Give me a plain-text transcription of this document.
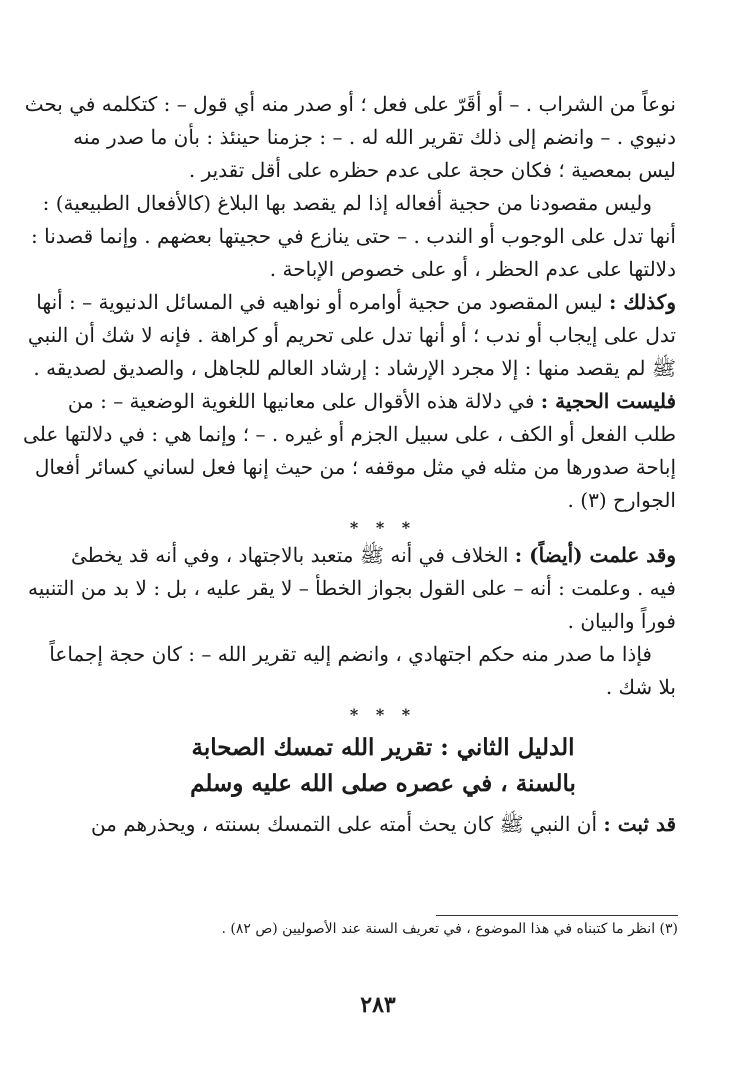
نوعاً من الشراب . – أو أقَرّ على فعل ؛ أو صدر منه أي قول – : كتكلمه في بحث
دنيوي . – وانضم إلى ذلك تقرير الله له . – : جزمنا حينئذ : بأن ما صدر منه
ليس بمعصية ؛ فكان حجة على عدم حظره على أقل تقدير .
وليس مقصودنا من حجية أفعاله إذا لم يقصد بها البلاغ (كالأفعال الطبيعية) :
أنها تدل على الوجوب أو الندب . – حتى ينازع في حجيتها بعضهم . وإنما قصدنا :
دلالتها على عدم الحظر ، أو على خصوص الإباحة .
وكذلك : ليس المقصود من حجية أوامره أو نواهيه في المسائل الدنيوية – : أنها
تدل على إيجاب أو ندب ؛ أو أنها تدل على تحريم أو كراهة . فإنه لا شك أن النبي
ﷺ لم يقصد منها : إلا مجرد الإرشاد : إرشاد العالم للجاهل ، والصديق لصديقه .
فليست الحجية : في دلالة هذه الأقوال على معانيها اللغوية الوضعية – : من
طلب الفعل أو الكف ، على سبيل الجزم أو غيره . – ؛ وإنما هي : في دلالتها على
إباحة صدورها من مثله في مثل موقفه ؛ من حيث إنها فعل لساني كسائر أفعال
الجوارح (٣) .
* * *
وقد علمت (أيضاً) : الخلاف في أنه ﷺ متعبد بالاجتهاد ، وفي أنه قد يخطئ
فيه . وعلمت : أنه – على القول بجواز الخطأ – لا يقر عليه ، بل : لا بد من التنبيه
فوراً والبيان .
فإذا ما صدر منه حكم اجتهادي ، وانضم إليه تقرير الله – : كان حجة إجماعاً
بلا شك .
* * *
الدليل الثاني : تقرير الله تمسك الصحابة
بالسنة ، في عصره صلى الله عليه وسلم
قد ثبت : أن النبي ﷺ كان يحث أمته على التمسك بسنته ، ويحذرهم من
(٣) انظر ما كتبناه في هذا الموضوع ، في تعريف السنة عند الأصوليين (ص ٨٢) .
٢٨٣
